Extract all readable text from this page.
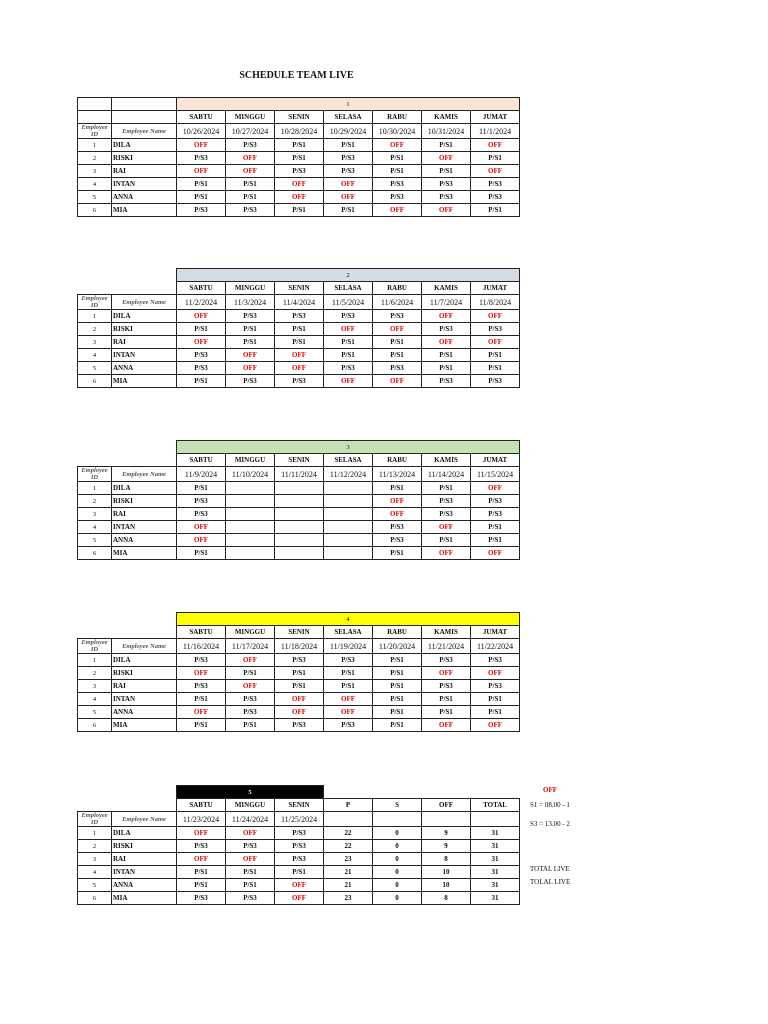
SCHEDULE TEAM LIVE
		1						
		SABTU	MINGGU	SENIN	SELASA	RABU	KAMIS	JUMAT
Employee ID	Employee Name	10/26/2024	10/27/2024	10/28/2024	10/29/2024	10/30/2024	10/31/2024	11/1/2024
1	DILA	OFF	P/S3	P/S1	P/S1	OFF	P/S1	OFF
2	RISKI	P/S3	OFF	P/S1	P/S3	P/S1	OFF	P/S1
3	RAI	OFF	OFF	P/S3	P/S3	P/S1	P/S1	OFF
4	INTAN	P/S1	P/S1	OFF	OFF	P/S3	P/S3	P/S3
5	ANNA	P/S1	P/S1	OFF	OFF	P/S3	P/S3	P/S3
6	MIA	P/S3	P/S3	P/S1	P/S1	OFF	OFF	P/S1
		2						
		SABTU	MINGGU	SENIN	SELASA	RABU	KAMIS	JUMAT
Employee ID	Employee Name	11/2/2024	11/3/2024	11/4/2024	11/5/2024	11/6/2024	11/7/2024	11/8/2024
1	DILA	OFF	P/S3	P/S3	P/S3	P/S3	OFF	OFF
2	RISKI	P/S1	P/S1	P/S1	OFF	OFF	P/S3	P/S3
3	RAI	OFF	P/S1	P/S1	P/S1	P/S1	OFF	OFF
4	INTAN	P/S3	OFF	OFF	P/S1	P/S1	P/S1	P/S1
5	ANNA	P/S3	OFF	OFF	P/S3	P/S3	P/S1	P/S1
6	MIA	P/S1	P/S3	P/S3	OFF	OFF	P/S3	P/S3
		3						
		SABTU	MINGGU	SENIN	SELASA	RABU	KAMIS	JUMAT
Employee ID	Employee Name	11/9/2024	11/10/2024	11/11/2024	11/12/2024	11/13/2024	11/14/2024	11/15/2024
1	DILA	P/S1				P/S1	P/S1	OFF
2	RISKI	P/S3				OFF	P/S3	P/S3
3	RAI	P/S3				OFF	P/S3	P/S3
4	INTAN	OFF				P/S3	OFF	P/S1
5	ANNA	OFF				P/S3	P/S1	P/S1
6	MIA	P/S1				P/S1	OFF	OFF
		4						
		SABTU	MINGGU	SENIN	SELASA	RABU	KAMIS	JUMAT
Employee ID	Employee Name	11/16/2024	11/17/2024	11/18/2024	11/19/2024	11/20/2024	11/21/2024	11/22/2024
1	DILA	P/S3	OFF	P/S3	P/S3	P/S1	P/S3	P/S3
2	RISKI	OFF	P/S1	P/S1	P/S1	P/S1	OFF	OFF
3	RAI	P/S3	OFF	P/S1	P/S1	P/S1	P/S3	P/S3
4	INTAN	P/S1	P/S3	OFF	OFF	P/S1	P/S1	P/S1
5	ANNA	OFF	P/S3	OFF	OFF	P/S1	P/S1	P/S1
6	MIA	P/S1	P/S1	P/S3	P/S3	P/S1	OFF	OFF
		5						
		SABTU	MINGGU	SENIN	P	S	OFF	TOTAL
Employee ID	Employee Name	11/23/2024	11/24/2024	11/25/2024				
1	DILA	OFF	OFF	P/S3	22	0	9	31
2	RISKI	P/S3	P/S3	P/S3	22	0	9	31
3	RAI	OFF	OFF	P/S3	23	0	8	31
4	INTAN	P/S1	P/S1	P/S1	21	0	10	31
5	ANNA	P/S1	P/S1	OFF	21	0	10	31
6	MIA	P/S3	P/S3	OFF	23	0	8	31
OFF
S1 = 08.00 - 1
S3 = 13.00 - 2
TOTAL LIVE
TOLAL LIVE
